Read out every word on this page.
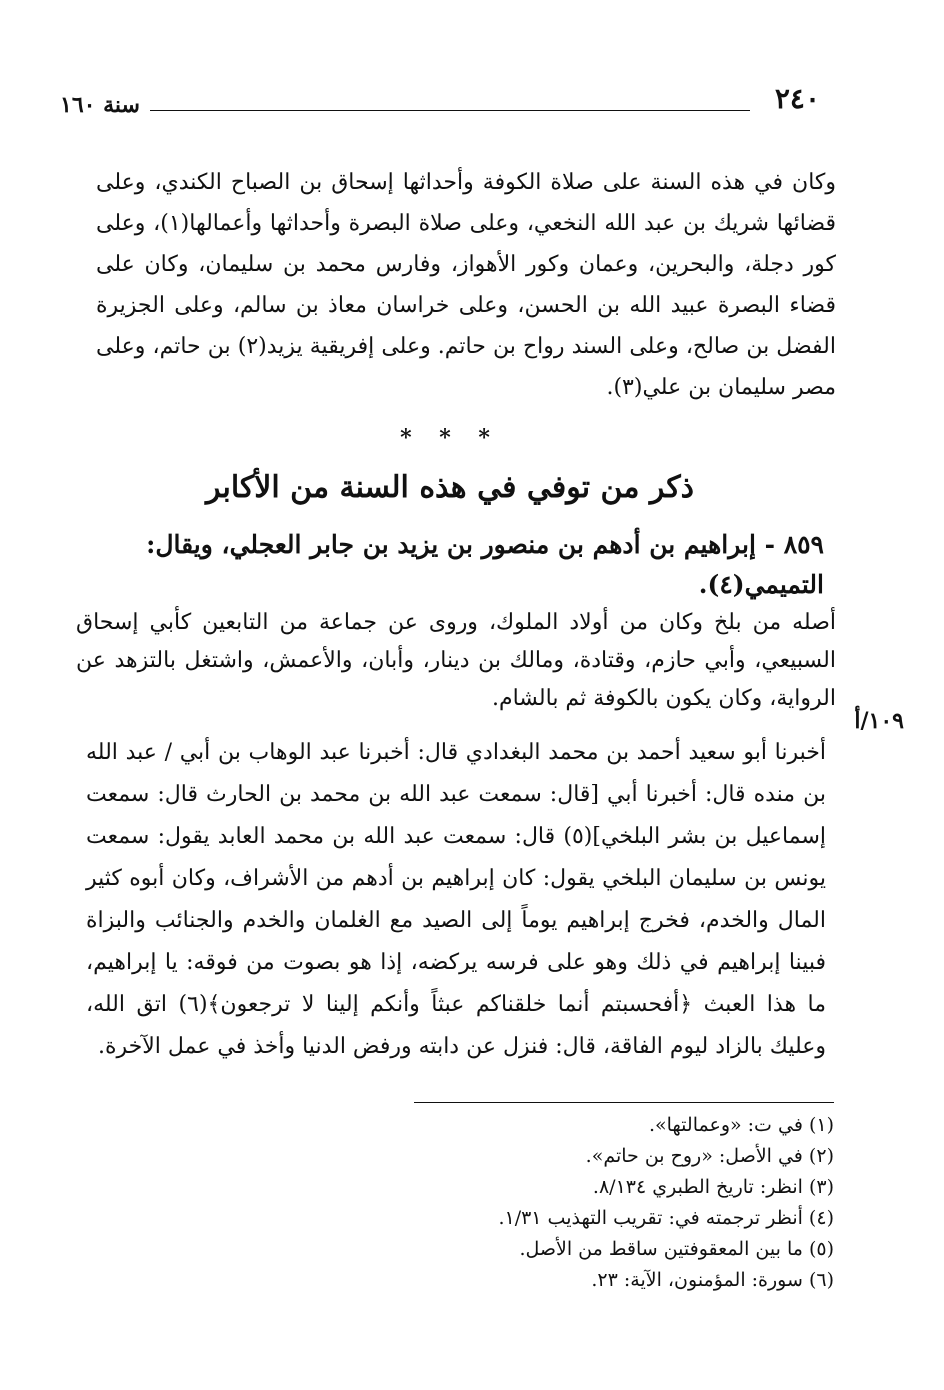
٢٤٠
سنة ١٦٠

وكان في هذه السنة على صلاة الكوفة وأحداثها إسحاق بن الصباح الكندي، وعلى قضائها شريك بن عبد الله النخعي، وعلى صلاة البصرة وأحداثها وأعمالها(١)، وعلى كور دجلة، والبحرين، وعمان وكور الأهواز، وفارس محمد بن سليمان، وكان على قضاء البصرة عبيد الله بن الحسن، وعلى خراسان معاذ بن سالم، وعلى الجزيرة الفضل بن صالح، وعلى السند رواح بن حاتم. وعلى إفريقية يزيد(٢) بن حاتم، وعلى مصر سليمان بن علي(٣).

* * *
ذكر من توفي في هذه السنة من الأكابر
٨٥٩ - إبراهيم بن أدهم بن منصور بن يزيد بن جابر العجلي، ويقال: التميمي(٤).

أصله من بلخ وكان من أولاد الملوك، وروى عن جماعة من التابعين كأبي إسحاق السبيعي، وأبي حازم، وقتادة، ومالك بن دينار، وأبان، والأعمش، واشتغل بالتزهد عن الرواية، وكان يكون بالكوفة ثم بالشام.

١٠٩/أ

أخبرنا أبو سعيد أحمد بن محمد البغدادي قال: أخبرنا عبد الوهاب بن أبي / عبد الله بن منده قال: أخبرنا أبي [قال: سمعت عبد الله بن محمد بن الحارث قال: سمعت إسماعيل بن بشر البلخي](٥) قال: سمعت عبد الله بن محمد العابد يقول: سمعت يونس بن سليمان البلخي يقول: كان إبراهيم بن أدهم من الأشراف، وكان أبوه كثير المال والخدم، فخرج إبراهيم يوماً إلى الصيد مع الغلمان والخدم والجنائب والبزاة فبينا إبراهيم في ذلك وهو على فرسه يركضه، إذا هو بصوت من فوقه: يا إبراهيم، ما هذا العبث ﴿أفحسبتم أنما خلقناكم عبثاً وأنكم إلينا لا ترجعون﴾(٦) اتق الله، وعليك بالزاد ليوم الفاقة، قال: فنزل عن دابته ورفض الدنيا وأخذ في عمل الآخرة.

(١) في ت: «وعمالتها».
(٢) في الأصل: «روح بن حاتم».
(٣) انظر: تاريخ الطبري ٨/١٣٤.
(٤) أنظر ترجمته في: تقريب التهذيب ١/٣١.
(٥) ما بين المعقوفتين ساقط من الأصل.
(٦) سورة: المؤمنون، الآية: ٢٣.
